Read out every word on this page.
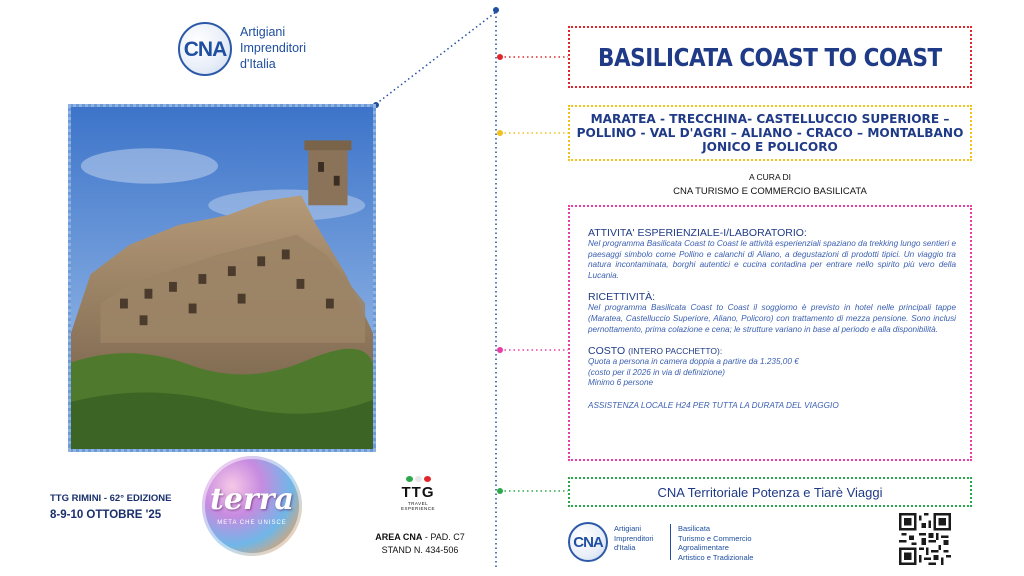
CNA
Artigiani
Imprenditori
d'Italia
TTG RIMINI - 62° EDIZIONE
8-9-10 OTTOBRE '25 terra
META CHE UNISCE
TTG
TRAVEL EXPERIENCE
AREA CNA - PAD. C7
STAND N. 434-506
BASILICATA COAST TO COAST

MARATEA - TRECCHINA- CASTELLUCCIO SUPERIORE – POLLINO - VAL D'AGRI – ALIANO - CRACO – MONTALBANO JONICO E POLICORO

A CURA DI
CNA TURISMO E COMMERCIO BASILICATA
ATTIVITA' ESPERIENZIALE-I/LABORATORIO:
Nel programma Basilicata Coast to Coast le attività esperienziali spaziano da trekking lungo sentieri e paesaggi simbolo come Pollino e calanchi di Aliano, a degustazioni di prodotti tipici. Un viaggio tra natura incontaminata, borghi autentici e cucina contadina per entrare nello spirito più vero della Lucania.
RICETTIVITÀ:
Nel programma Basilicata Coast to Coast il soggiorno è previsto in hotel nelle principali tappe (Maratea, Castelluccio Superiore, Aliano, Policoro) con trattamento di mezza pensione. Sono inclusi pernottamento, prima colazione e cena; le strutture variano in base al periodo e alla disponibilità.
COSTO (INTERO PACCHETTO):
Quota a persona in camera doppia a partire da 1.235,00 €
(costo per il 2026 in via di definizione)
Minimo 6 persone
ASSISTENZA LOCALE H24 PER TUTTA LA DURATA DEL VIAGGIO
CNA Territoriale Potenza e Tiarè Viaggi
CNA
Artigiani
Imprenditori
d'Italia
Basilicata
Turismo e Commercio
Agroalimentare
Artistico e Tradizionale
